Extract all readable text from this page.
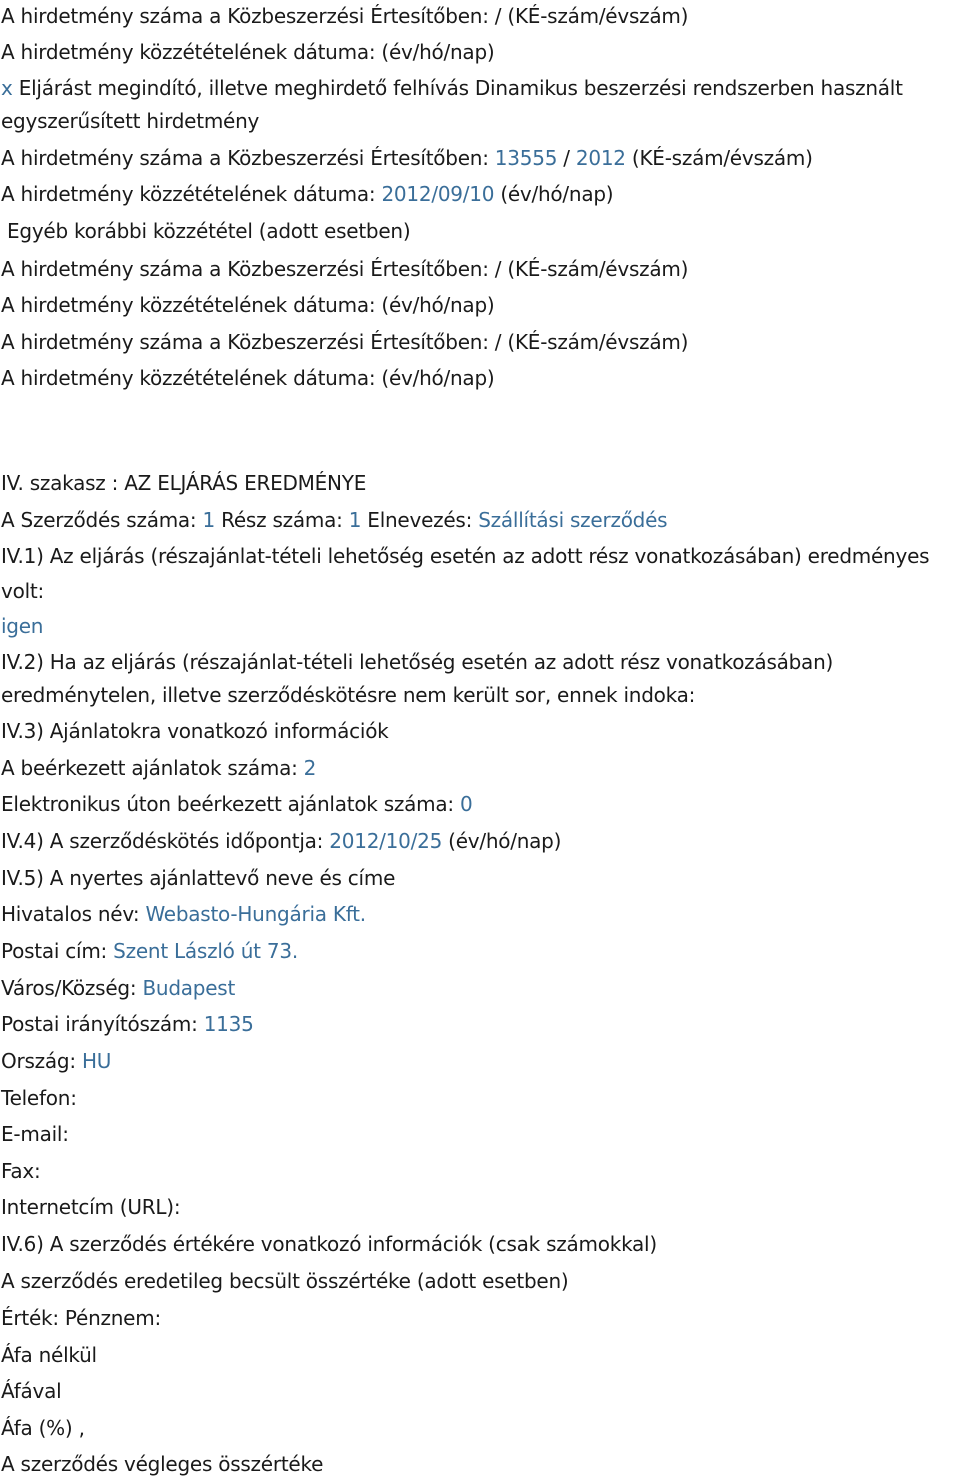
A hirdetmény száma a Közbeszerzési Értesítőben: / (KÉ-szám/évszám)
A hirdetmény közzétételének dátuma: (év/hó/nap)
x Eljárást megindító, illetve meghirdető felhívás Dinamikus beszerzési rendszerben használt
egyszerűsített hirdetmény
A hirdetmény száma a Közbeszerzési Értesítőben: 13555 / 2012 (KÉ-szám/évszám)
A hirdetmény közzétételének dátuma: 2012/09/10 (év/hó/nap)
Egyéb korábbi közzététel (adott esetben)
A hirdetmény száma a Közbeszerzési Értesítőben: / (KÉ-szám/évszám)
A hirdetmény közzétételének dátuma: (év/hó/nap)
A hirdetmény száma a Közbeszerzési Értesítőben: / (KÉ-szám/évszám)
A hirdetmény közzétételének dátuma: (év/hó/nap)
IV. szakasz : AZ ELJÁRÁS EREDMÉNYE
A Szerződés száma: 1 Rész száma: 1 Elnevezés: Szállítási szerződés
IV.1) Az eljárás (részajánlat-tételi lehetőség esetén az adott rész vonatkozásában) eredményes
volt:
igen
IV.2) Ha az eljárás (részajánlat-tételi lehetőség esetén az adott rész vonatkozásában)
eredménytelen, illetve szerződéskötésre nem került sor, ennek indoka:
IV.3) Ajánlatokra vonatkozó információk
A beérkezett ajánlatok száma: 2
Elektronikus úton beérkezett ajánlatok száma: 0
IV.4) A szerződéskötés időpontja: 2012/10/25 (év/hó/nap)
IV.5) A nyertes ajánlattevő neve és címe
Hivatalos név: Webasto-Hungária Kft.
Postai cím: Szent László út 73.
Város/Község: Budapest
Postai irányítószám: 1135
Ország: HU
Telefon:
E-mail:
Fax:
Internetcím (URL):
IV.6) A szerződés értékére vonatkozó információk (csak számokkal)
A szerződés eredetileg becsült összértéke (adott esetben)
Érték: Pénznem:
Áfa nélkül
Áfával
Áfa (%) ,
A szerződés végleges összértéke
